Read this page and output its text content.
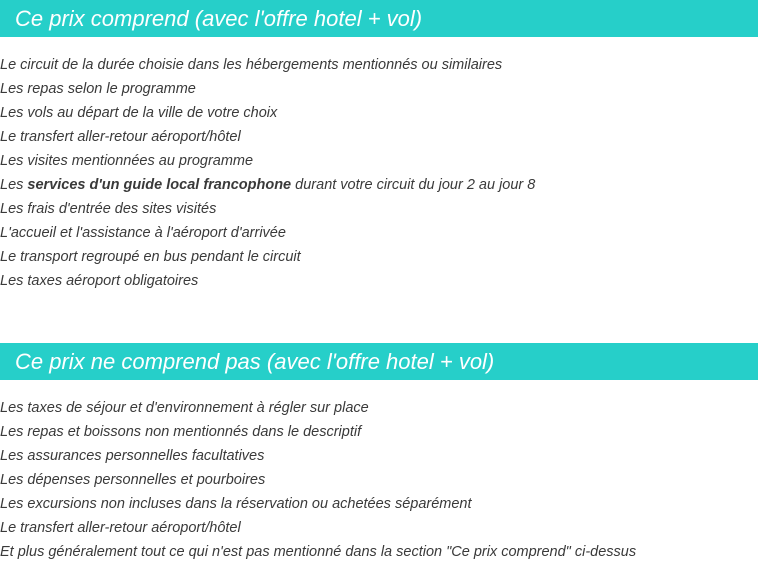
Ce prix comprend (avec l'offre hotel + vol)
Le circuit de la durée choisie dans les hébergements mentionnés ou similaires
Les repas selon le programme
Les vols au départ de la ville de votre choix
Le transfert aller-retour aéroport/hôtel
Les visites mentionnées au programme
Les services d'un guide local francophone durant votre circuit du jour 2 au jour 8
Les frais d'entrée des sites visités
L'accueil et l'assistance à l'aéroport d'arrivée
Le transport regroupé en bus pendant le circuit
Les taxes aéroport obligatoires
Ce prix ne comprend pas (avec l'offre hotel + vol)
Les taxes de séjour et d'environnement à régler sur place
Les repas et boissons non mentionnés dans le descriptif
Les assurances personnelles facultatives
Les dépenses personnelles et pourboires
Les excursions non incluses dans la réservation ou achetées séparément
Le transfert aller-retour aéroport/hôtel
Et plus généralement tout ce qui n'est pas mentionné dans la section "Ce prix comprend" ci-dessus
